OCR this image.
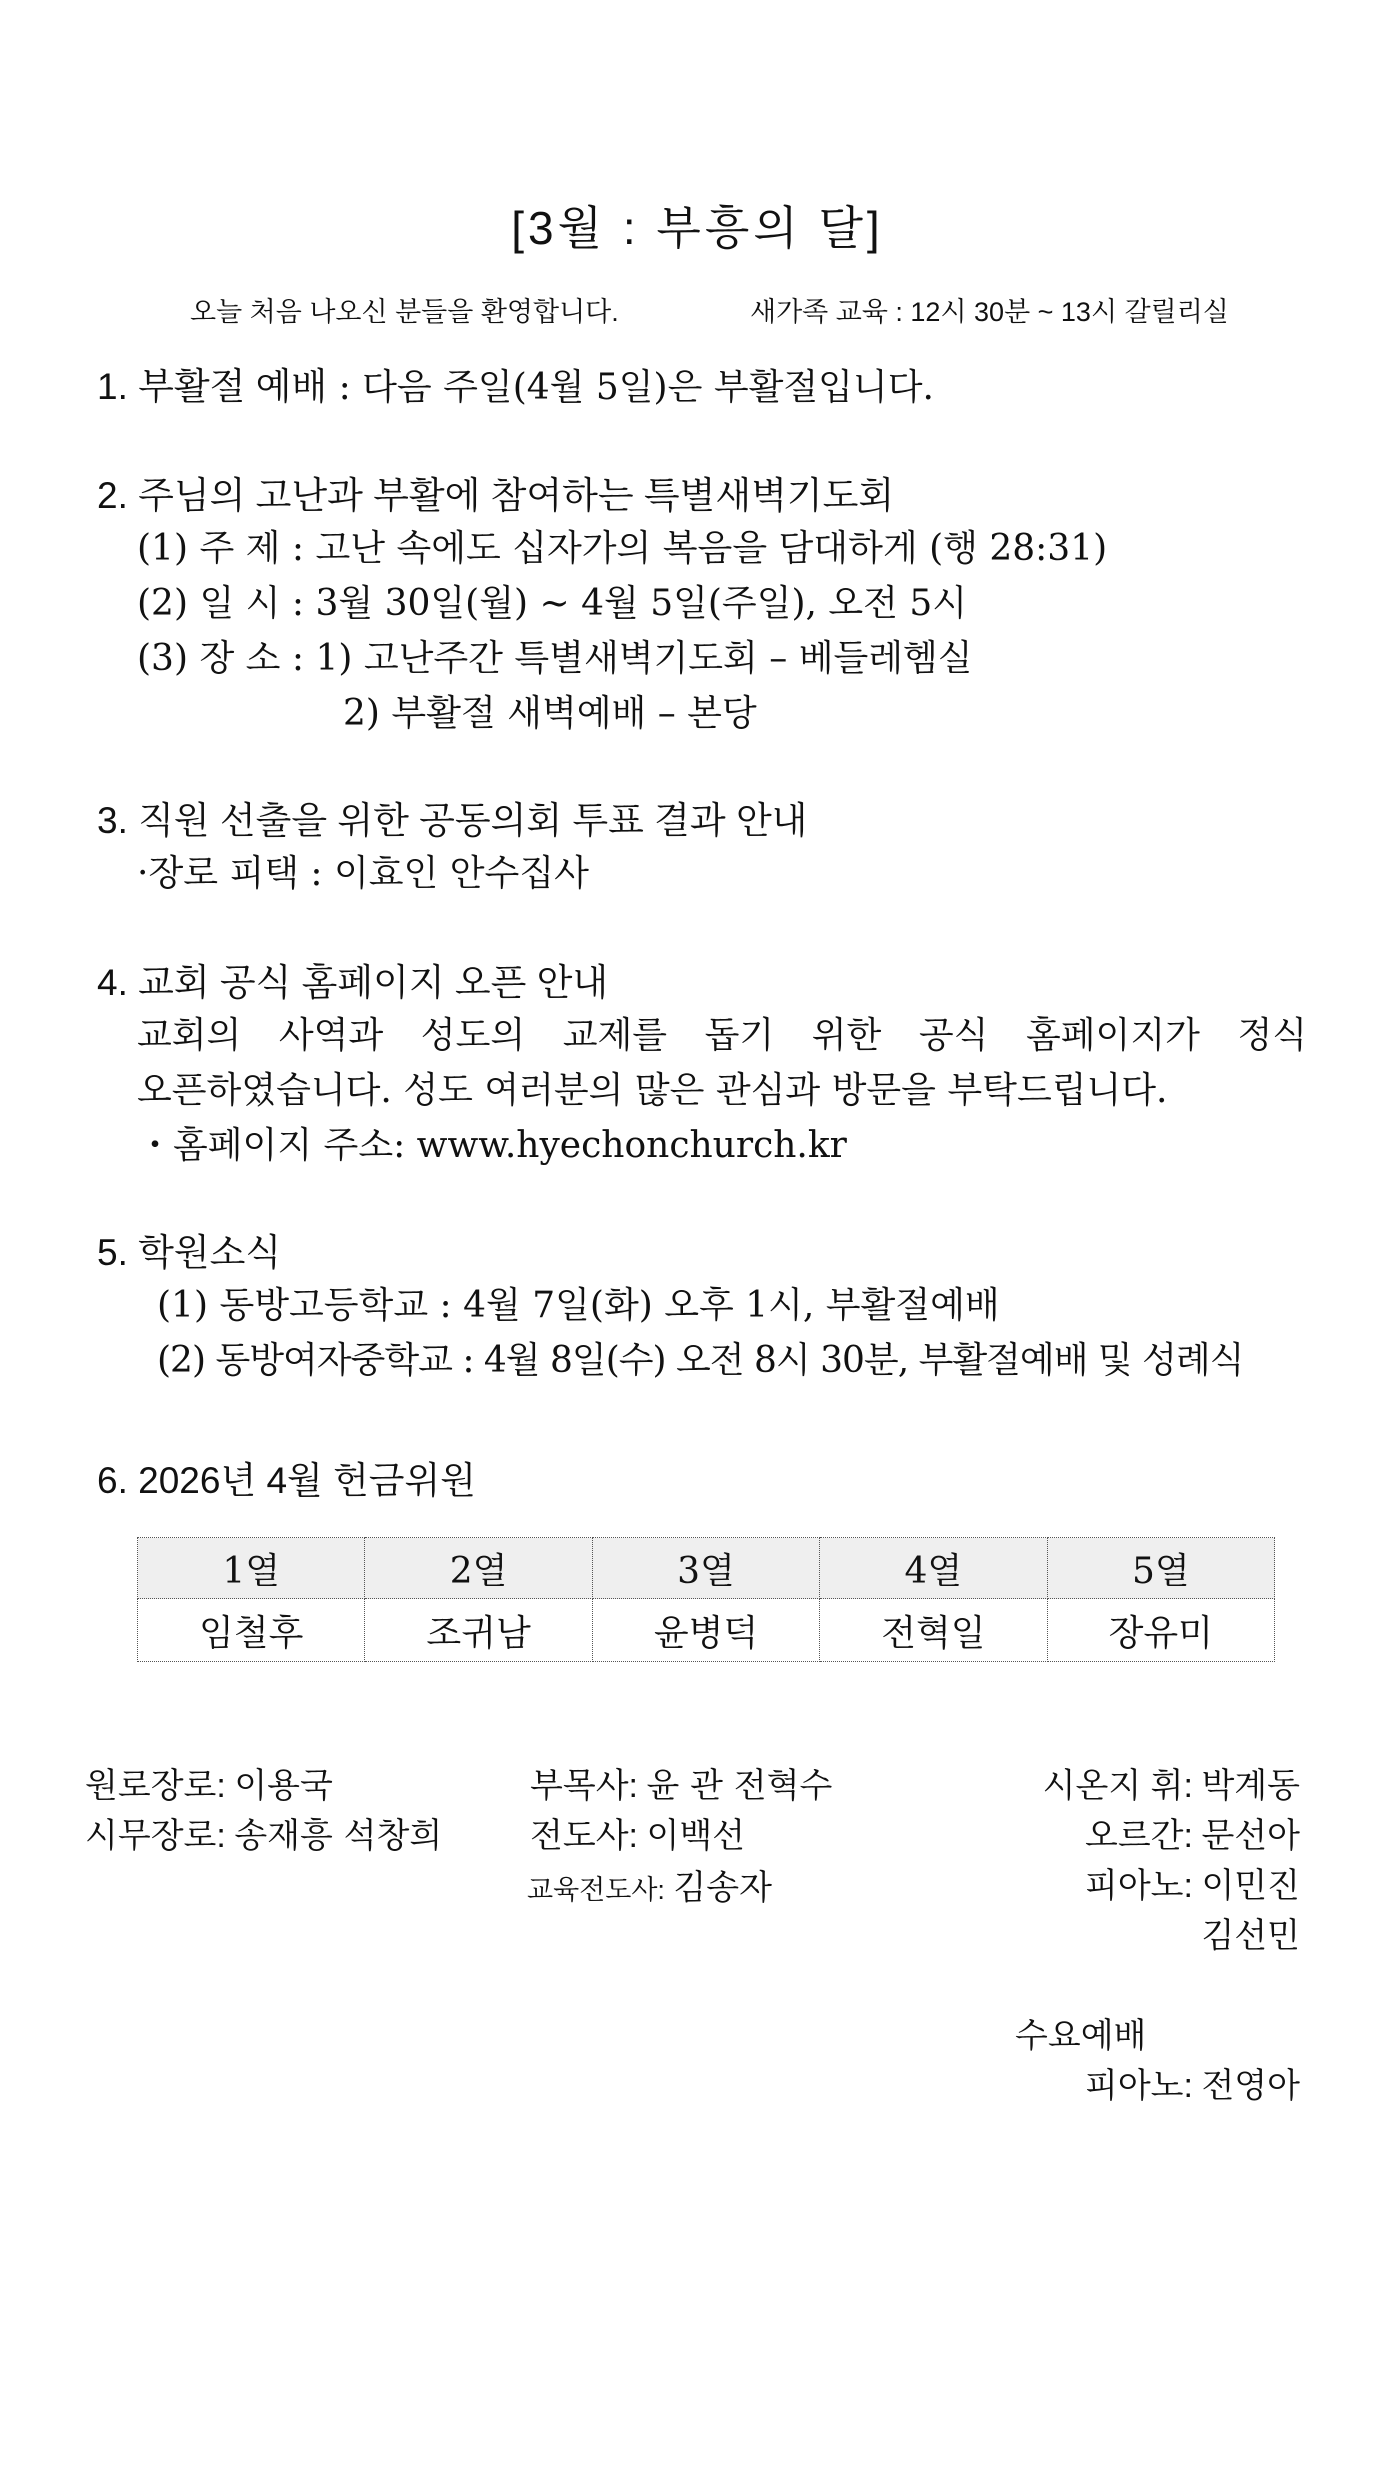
[3월 : 부흥의 달]
오늘 처음 나오신 분들을 환영합니다.	새가족 교육 : 12시 30분 ~ 13시 갈릴리실
1. 부활절 예배 : 다음 주일(4월 5일)은 부활절입니다.
2. 주님의 고난과 부활에 참여하는 특별새벽기도회
(1) 주 제 : 고난 속에도 십자가의 복음을 담대하게 (행 28:31)
(2) 일 시 : 3월 30일(월) ~ 4월 5일(주일), 오전 5시
(3) 장 소 : 1) 고난주간 특별새벽기도회 – 베들레헴실
2) 부활절 새벽예배 – 본당
3. 직원 선출을 위한 공동의회 투표 결과 안내
·장로 피택 : 이효인 안수집사
4. 교회 공식 홈페이지 오픈 안내
교회의 사역과 성도의 교제를 돕기 위한 공식 홈페이지가 정식
오픈하였습니다. 성도 여러분의 많은 관심과 방문을 부탁드립니다.
・홈페이지 주소: www.hyechonchurch.kr
5. 학원소식
(1) 동방고등학교 : 4월 7일(화) 오후 1시, 부활절예배
(2) 동방여자중학교 : 4월 8일(수) 오전 8시 30분, 부활절예배 및 성례식
6. 2026년 4월 헌금위원
1열	2열	3열	4열	5열
임철후	조귀남	윤병덕	전혁일	장유미
원로장로: 이용국
시무장로: 송재흥 석창희
부목사: 윤 관 전혁수
전도사: 이백선
교육전도사: 김송자
시온지 휘: 박계동
오르간: 문선아
피아노: 이민진
김선민
수요예배
피아노: 전영아
